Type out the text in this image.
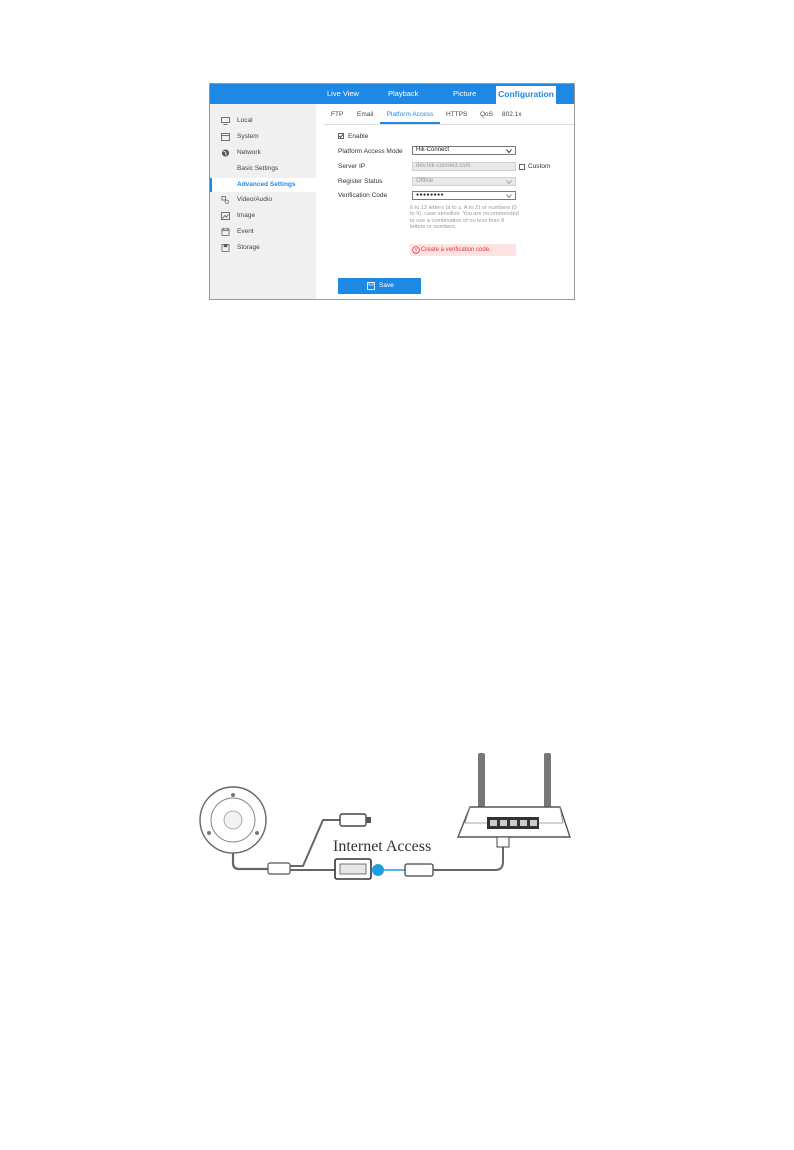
Live View	Playback	Picture	Configuration
Local
System
Network
Basic Settings
Advanced Settings
Video/Audio
Image
Event
Storage
FTP Email	Platform Access	HTTPS QoS 802.1x
Enable
Platform Access Mode	Hik-Connect
Server IP	dev.hik-connect.com	Custom
Register Status	Offline
Verification Code	●●●●●●●●
6 to 12 letters (a to z, A to Z) or numbers (0 to 9), case sensitive. You are recommended to use a combination of no less than 8 letters or numbers.
Create a verification code.
Save
Internet Access
